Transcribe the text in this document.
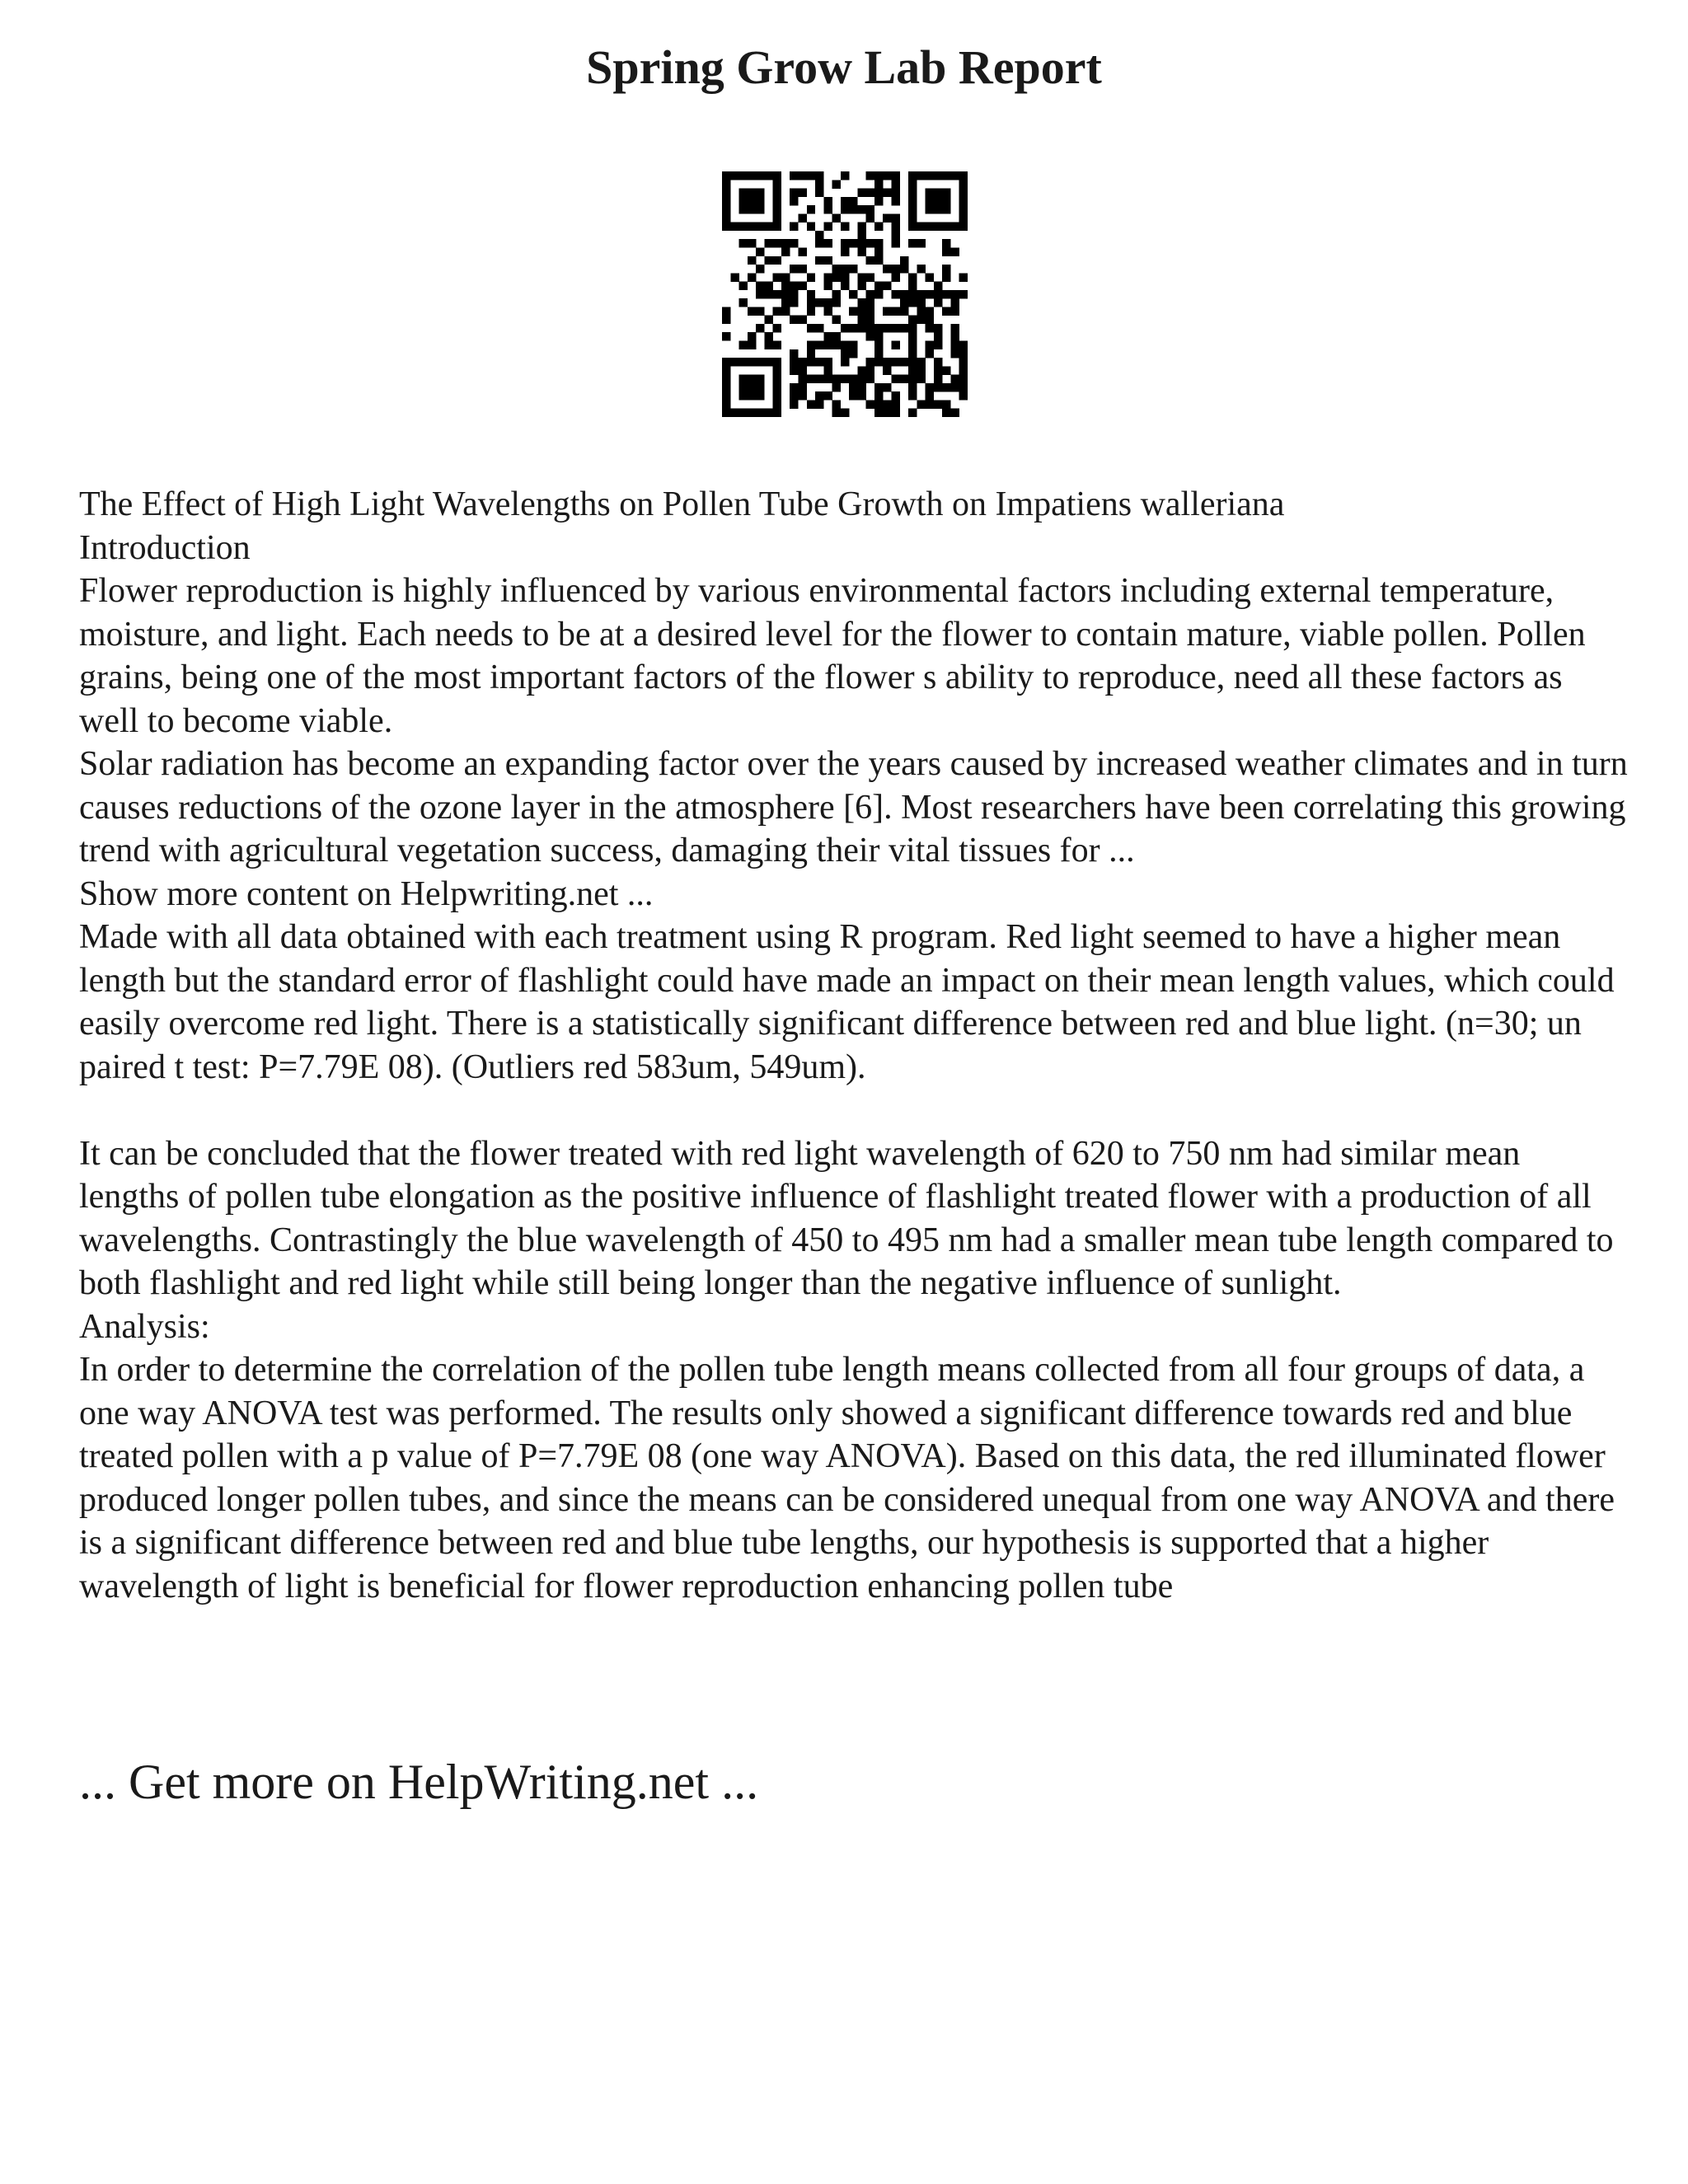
Spring Grow Lab Report

The Effect of High Light Wavelengths on Pollen Tube Growth on Impatiens walleriana

Introduction

Flower reproduction is highly influenced by various environmental factors including external temperature, moisture, and light. Each needs to be at a desired level for the flower to contain mature, viable pollen. Pollen grains, being one of the most important factors of the flower s ability to reproduce, need all these factors as well to become viable.

Solar radiation has become an expanding factor over the years caused by increased weather climates and in turn causes reductions of the ozone layer in the atmosphere [6]. Most researchers have been correlating this growing trend with agricultural vegetation success, damaging their vital tissues for ...

Show more content on Helpwriting.net ...

Made with all data obtained with each treatment using R program. Red light seemed to have a higher mean length but the standard error of flashlight could have made an impact on their mean length values, which could easily overcome red light. There is a statistically significant difference between red and blue light. (n=30; un paired t test: P=7.79E 08). (Outliers red 583um, 549um).

It can be concluded that the flower treated with red light wavelength of 620 to 750 nm had similar mean lengths of pollen tube elongation as the positive influence of flashlight treated flower with a production of all wavelengths. Contrastingly the blue wavelength of 450 to 495 nm had a smaller mean tube length compared to both flashlight and red light while still being longer than the negative influence of sunlight.

Analysis:

In order to determine the correlation of the pollen tube length means collected from all four groups of data, a one way ANOVA test was performed. The results only showed a significant difference towards red and blue treated pollen with a p value of P=7.79E 08 (one way ANOVA). Based on this data, the red illuminated flower produced longer pollen tubes, and since the means can be considered unequal from one way ANOVA and there is a significant difference between red and blue tube lengths, our hypothesis is supported that a higher wavelength of light is beneficial for flower reproduction enhancing pollen tube

... Get more on HelpWriting.net ...
